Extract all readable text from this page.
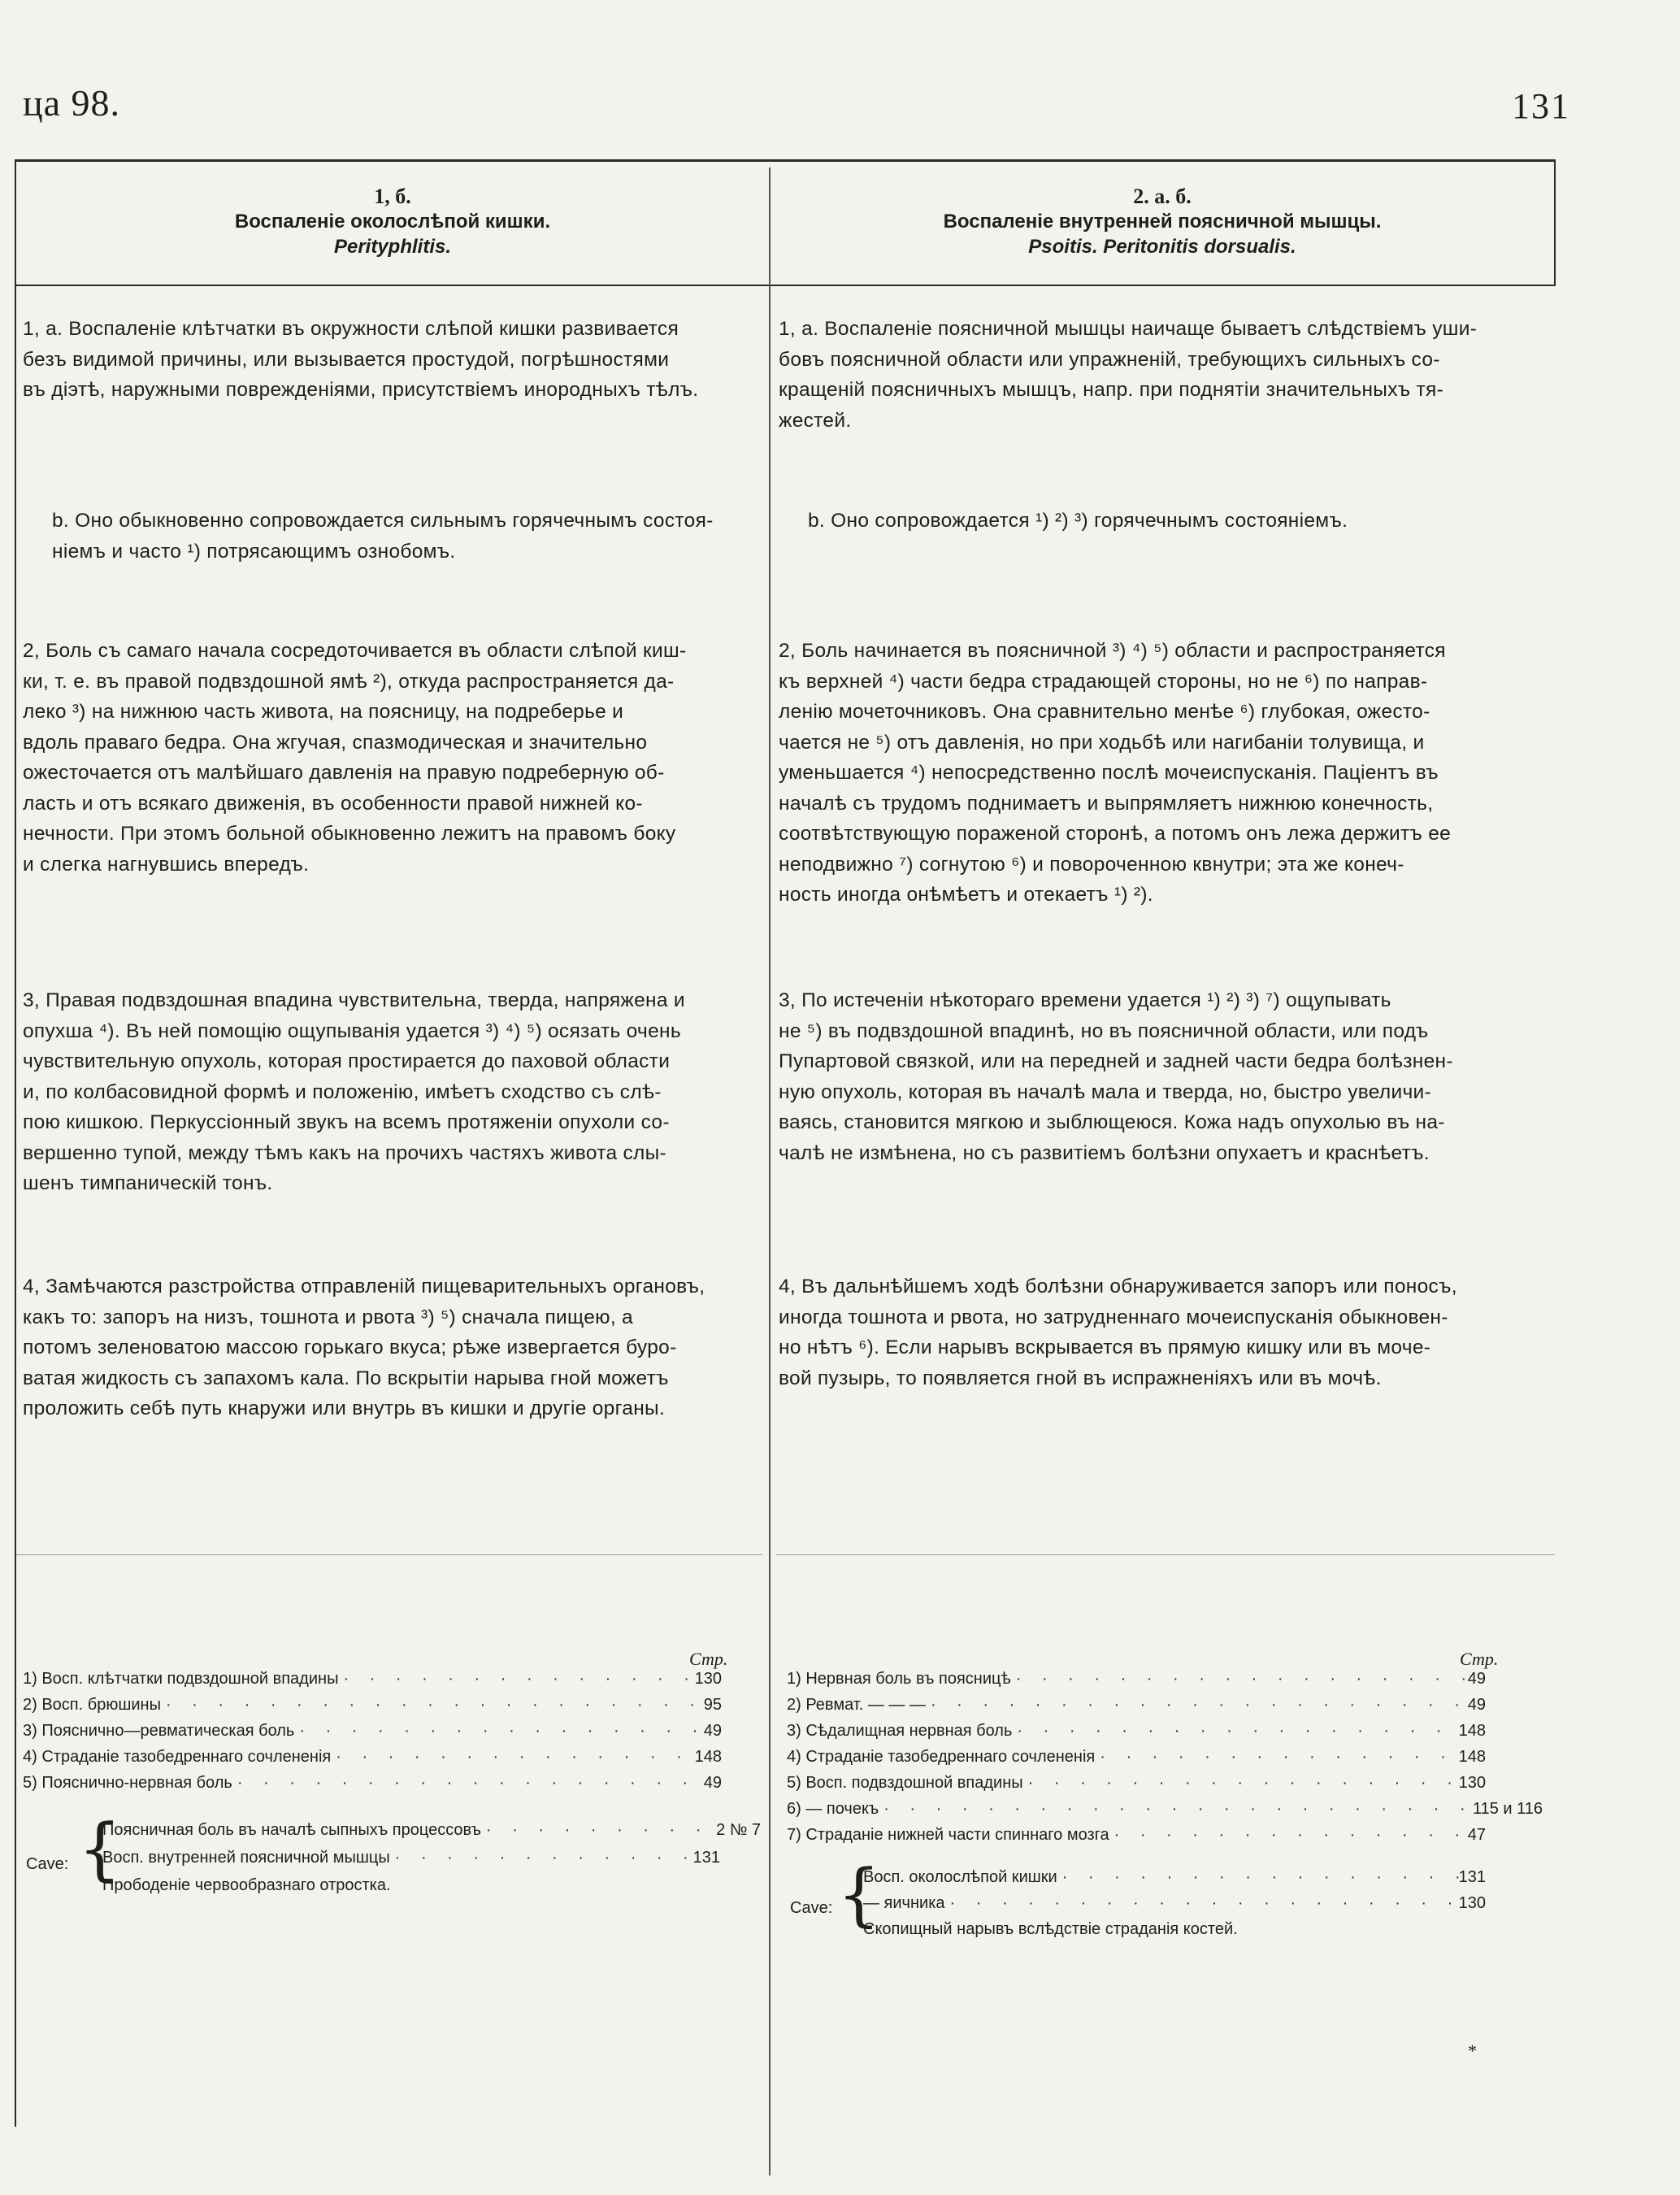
ца 98.	131
1, б.
Воспаленіе околослѣпой кишки.
Perityphlitis.
2. а. б.
Воспаленіе внутренней поясничной мышцы.
Psoitis. Peritonitis dorsualis.
1, а. Воспаленіе клѣтчатки въ окружности слѣпой кишки развивается
безъ видимой причины, или вызывается простудой, погрѣшностями
въ діэтѣ, наружными поврежденіями, присутствіемъ инородныхъ тѣлъ.
b. Оно обыкновенно сопровождается сильнымъ горячечнымъ состоя-
ніемъ и часто ¹) потрясающимъ ознобомъ.
2, Боль съ самаго начала сосредоточивается въ области слѣпой киш-
ки, т. е. въ правой подвздошной ямѣ ²), откуда распространяется да-
леко ³) на нижнюю часть живота, на поясницу, на подреберье и
вдоль праваго бедра. Она жгучая, спазмодическая и значительно
ожесточается отъ малѣйшаго давленія на правую подреберную об-
ласть и отъ всякаго движенія, въ особенности правой нижней ко-
нечности. При этомъ больной обыкновенно лежитъ на правомъ боку
и слегка нагнувшись впередъ.
3, Правая подвздошная впадина чувствительна, тверда, напряжена и
опухша ⁴). Въ ней помощію ощупыванія удается ³) ⁴) ⁵) осязать очень
чувствительную опухоль, которая простирается до паховой области
и, по колбасовидной формѣ и положенію, имѣетъ сходство съ слѣ-
пою кишкою. Перкуссіонный звукъ на всемъ протяженіи опухоли со-
вершенно тупой, между тѣмъ какъ на прочихъ частяхъ живота слы-
шенъ тимпаническій тонъ.
4, Замѣчаются разстройства отправленій пищеварительныхъ органовъ,
какъ то: запоръ на низъ, тошнота и рвота ³) ⁵) сначала пищею, а
потомъ зеленоватою массою горькаго вкуса; рѣже извергается буро-
ватая жидкость съ запахомъ кала. По вскрытіи нарыва гной можетъ
проложить себѣ путь кнаружи или внутрь въ кишки и другіе органы.
1, а. Воспаленіе поясничной мышцы наичаще бываетъ слѣдствіемъ уши-
бовъ поясничной области или упражненій, требующихъ сильныхъ со-
кращеній поясничныхъ мышцъ, напр. при поднятіи значительныхъ тя-
жестей.
b. Оно сопровождается ¹) ²) ³) горячечнымъ состояніемъ.
2, Боль начинается въ поясничной ³) ⁴) ⁵) области и распространяется
къ верхней ⁴) части бедра страдающей стороны, но не ⁶) по направ-
ленію мочеточниковъ. Она сравнительно менѣе ⁶) глубокая, ожесто-
чается не ⁵) отъ давленія, но при ходьбѣ или нагибаніи толувища, и
уменьшается ⁴) непосредственно послѣ мочеиспусканія. Паціентъ въ
началѣ съ трудомъ поднимаетъ и выпрямляетъ нижнюю конечность,
соотвѣтствующую пораженой сторонѣ, а потомъ онъ лежа держитъ ее
неподвижно ⁷) согнутою ⁶) и повороченною квнутри; эта же конеч-
ность иногда онѣмѣетъ и отекаетъ ¹) ²).
3, По истеченіи нѣкотораго времени удается ¹) ²) ³) ⁷) ощупывать
не ⁵) въ подвздошной впадинѣ, но въ поясничной области, или подъ
Пупартовой связкой, или на передней и задней части бедра болѣзнен-
ную опухоль, которая въ началѣ мала и тверда, но, быстро увеличи-
ваясь, становится мягкою и зыблющеюся. Кожа надъ опухолью въ на-
чалѣ не измѣнена, но съ развитіемъ болѣзни опухаетъ и краснѣетъ.
4, Въ дальнѣйшемъ ходѣ болѣзни обнаруживается запоръ или поносъ,
иногда тошнота и рвота, но затрудненнаго мочеиспусканія обыкновен-
но нѣтъ ⁶). Если нарывъ вскрывается въ прямую кишку или въ моче-
вой пузырь, то появляется гной въ испражненіяхъ или въ мочѣ.
Стр.
1) Восп. клѣтчатки подвздошной впадины · · ·	130
2) Восп. брюшины · · ·	95
3) Пояснично—ревматическая боль · · ·	49
4) Страданіе тазобедреннаго сочлененія · · ·	148
5) Пояснично-нервная боль · · ·	49
Cave: {
Поясничная боль въ началѣ сыпныхъ процессовъ · · ·	2 № 7
Восп. внутренней поясничной мышцы · · ·	131
Прободеніе червообразнаго отростка.
Стр.
1) Нервная боль въ поясницѣ · · ·	49
2) Ревмат. — — — · · ·	49
3) Сѣдалищная нервная боль · · ·	148
4) Страданіе тазобедреннаго сочлененія · · ·	148
5) Восп. подвздошной впадины · · ·	130
6) — почекъ · · ·	115 и 116
7) Страданіе нижней части спиннаго мозга · · ·	47
Cave: {
Восп. околослѣпой кишки · · ·	131
— яичника · · ·	130
Скопищный нарывъ вслѣдствіе страданія костей.
*
